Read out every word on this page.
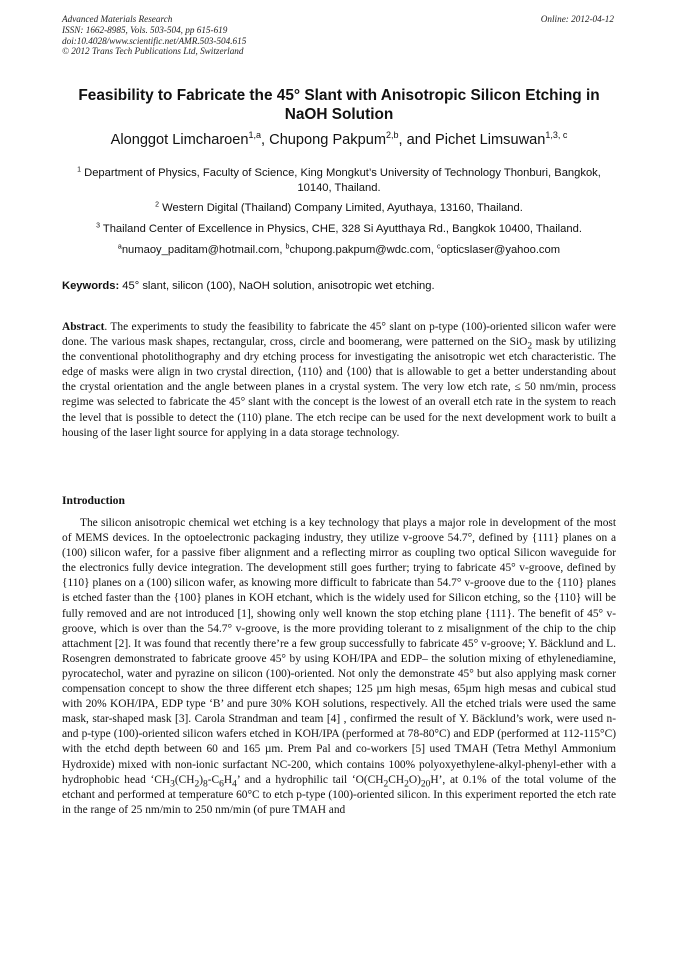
Advanced Materials Research
ISSN: 1662-8985, Vols. 503-504, pp 615-619
doi:10.4028/www.scientific.net/AMR.503-504.615
© 2012 Trans Tech Publications Ltd, Switzerland
Online: 2012-04-12
Feasibility to Fabricate the 45° Slant with Anisotropic Silicon Etching in NaOH Solution
Alonggot Limcharoen$^{1,a}$, Chupong Pakpum$^{2,b}$, and Pichet Limsuwan$^{1,3, c}$
$^1$ Department of Physics, Faculty of Science, King Mongkut’s University of Technology Thonburi, Bangkok, 10140, Thailand.
$^2$ Western Digital (Thailand) Company Limited, Ayuthaya, 13160, Thailand.
$^3$ Thailand Center of Excellence in Physics, CHE, 328 Si Ayutthaya Rd., Bangkok 10400, Thailand.
$^a$numaoy_paditam@hotmail.com, $^b$chupong.pakpum@wdc.com, $^c$opticslaser@yahoo.com
Keywords: 45° slant, silicon (100), NaOH solution, anisotropic wet etching.
Abstract. The experiments to study the feasibility to fabricate the 45° slant on p-type (100)-oriented silicon wafer were done. The various mask shapes, rectangular, cross, circle and boomerang, were patterned on the SiO$_2$ mask by utilizing the conventional photolithography and dry etching process for investigating the anisotropic wet etch characteristic. The edge of masks were align in two crystal direction, ⟨110⟩ and ⟨100⟩ that is allowable to get a better understanding about the crystal orientation and the angle between planes in a crystal system. The very low etch rate, ≤ 50 nm/min, process regime was selected to fabricate the 45° slant with the concept is the lowest of an overall etch rate in the system to reach the level that is possible to detect the (110) plane. The etch recipe can be used for the next development work to built a housing of the laser light source for applying in a data storage technology.
Introduction
The silicon anisotropic chemical wet etching is a key technology that plays a major role in development of the most of MEMS devices. In the optoelectronic packaging industry, they utilize v-groove 54.7°, defined by {111} planes on a (100) silicon wafer, for a passive fiber alignment and a reflecting mirror as coupling two optical Silicon waveguide for the electronics fully device integration. The development still goes further; trying to fabricate 45° v-groove, defined by {110} planes on a (100) silicon wafer, as knowing more difficult to fabricate than 54.7° v-groove due to the {110} planes is etched faster than the {100} planes in KOH etchant, which is the widely used for Silicon etching, so the {110} will be fully removed and are not introduced [1], showing only well known the stop etching plane {111}. The benefit of 45° v-groove, which is over than the 54.7° v-groove, is the more providing tolerant to z misalignment of the chip to the chip attachment [2]. It was found that recently there’re a few group successfully to fabricate 45° v-groove; Y. Bäcklund and L. Rosengren demonstrated to fabricate groove 45° by using KOH/IPA and EDP– the solution mixing of ethylenediamine, pyrocatechol, water and pyrazine on silicon (100)-oriented. Not only the demonstrate 45° but also applying mask corner compensation concept to show the three different etch shapes; 125 µm high mesas, 65µm high mesas and cubical stud with 20% KOH/IPA, EDP type ‘B’ and pure 30% KOH solutions, respectively. All the etched trials were used the same mask, star-shaped mask [3]. Carola Strandman and team [4] , confirmed the result of Y. Bäcklund’s work, were used n- and p-type (100)-oriented silicon wafers etched in KOH/IPA (performed at 78-80°C) and EDP (performed at 112-115°C) with the etchd depth between 60 and 165 µm. Prem Pal and co-workers [5] used TMAH (Tetra Methyl Ammonium Hydroxide) mixed with non-ionic surfactant NC-200, which contains 100% polyoxyethylene-alkyl-phenyl-ether with a hydrophobic head ‘$CH_3(CH_2)_8-C_6H_4$’ and a hydrophilic tail ‘$O(CH_2CH_2O)_{20}H$’, at 0.1% of the total volume of the etchant and performed at temperature 60°C to etch p-type (100)-oriented silicon. In this experiment reported the etch rate in the range of 25 nm/min to 250 nm/min (of pure TMAH and
